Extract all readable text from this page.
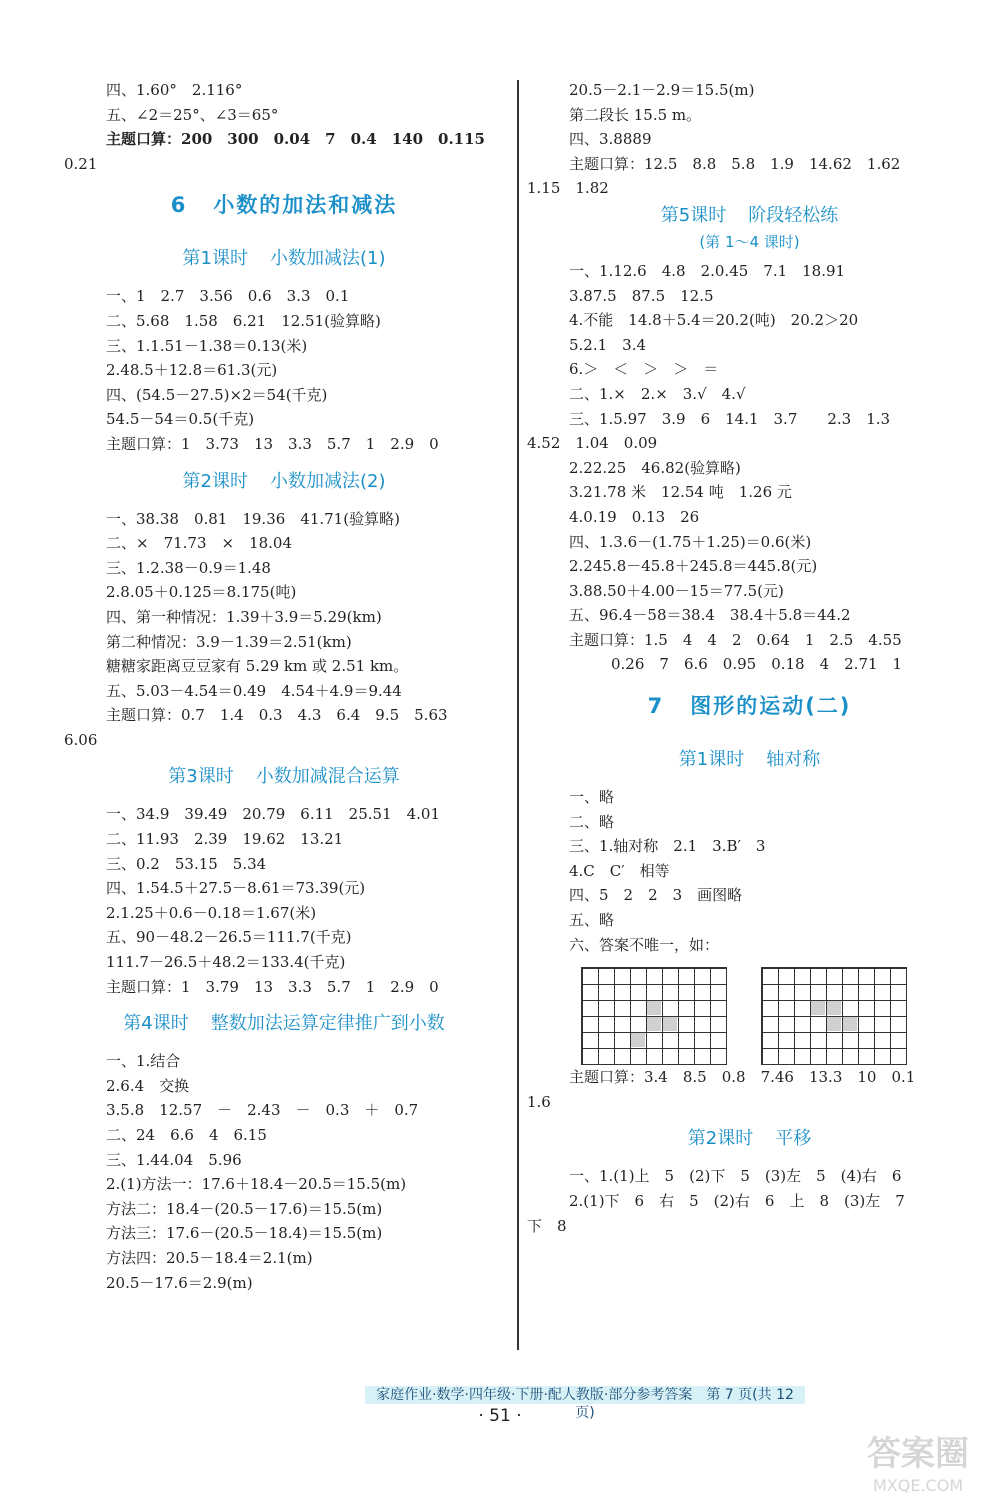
四、1.60°　2.116°
五、∠2＝25°、∠3＝65°
主题口算：200　300　0.04　7　0.4　140　0.115
0.21
6 小数的加法和减法
第1课时 小数加减法(1)
一、1　2.7　3.56　0.6　3.3　0.1
二、5.68　1.58　6.21　12.51(验算略)
三、1.1.51－1.38＝0.13(米)
2.48.5＋12.8＝61.3(元)
四、(54.5－27.5)×2＝54(千克)
54.5－54＝0.5(千克)
主题口算：1　3.73　13　3.3　5.7　1　2.9　0
第2课时 小数加减法(2)
一、38.38　0.81　19.36　41.71(验算略)
二、×　71.73　×　18.04
三、1.2.38－0.9＝1.48
2.8.05＋0.125＝8.175(吨)
四、第一种情况：1.39＋3.9＝5.29(km)
第二种情况：3.9－1.39＝2.51(km)
糖糖家距离豆豆家有 5.29 km 或 2.51 km。
五、5.03－4.54＝0.49　4.54＋4.9＝9.44
主题口算：0.7　1.4　0.3　4.3　6.4　9.5　5.63
6.06
第3课时 小数加减混合运算
一、34.9　39.49　20.79　6.11　25.51　4.01
二、11.93　2.39　19.62　13.21
三、0.2　53.15　5.34
四、1.54.5＋27.5－8.61＝73.39(元)
2.1.25＋0.6－0.18＝1.67(米)
五、90－48.2－26.5＝111.7(千克)
111.7－26.5＋48.2＝133.4(千克)
主题口算：1　3.79　13　3.3　5.7　1　2.9　0
第4课时 整数加法运算定律推广到小数
一、1.结合
2.6.4　交换
3.5.8　12.57　－　2.43　－　0.3　＋　0.7
二、24　6.6　4　6.15
三、1.44.04　5.96
2.(1)方法一：17.6＋18.4－20.5＝15.5(m)
方法二：18.4－(20.5－17.6)＝15.5(m)
方法三：17.6－(20.5－18.4)＝15.5(m)
方法四：20.5－18.4＝2.1(m)
20.5－17.6＝2.9(m)
20.5－2.1－2.9＝15.5(m)
第二段长 15.5 m。
四、3.8889
主题口算：12.5　8.8　5.8　1.9　14.62　1.62
1.15　1.82
第5课时 阶段轻松练
(第 1～4 课时)
一、1.12.6　4.8　2.0.45　7.1　18.91
3.87.5　87.5　12.5
4.不能　14.8＋5.4＝20.2(吨)　20.2＞20
5.2.1　3.4
6.＞　＜　＞　＞　＝
二、1.×　2.×　3.√　4.√
三、1.5.97　3.9　6　14.1　3.7　　2.3　1.3
4.52　1.04　0.09
2.22.25　46.82(验算略)
3.21.78 米　12.54 吨　1.26 元
4.0.19　0.13　26
四、1.3.6－(1.75＋1.25)＝0.6(米)
2.245.8－45.8＋245.8＝445.8(元)
3.88.50＋4.00－15＝77.5(元)
五、96.4－58＝38.4　38.4＋5.8＝44.2
主题口算：1.5　4　4　2　0.64　1　2.5　4.55
0.26　7　6.6　0.95　0.18　4　2.71　1
7 图形的运动(二)
第1课时 轴对称
一、略
二、略
三、1.轴对称　2.1　3.B′　3
4.C　C′　相等
四、5　2　2　3　画图略
五、略
六、答案不唯一，如：
主题口算：3.4　8.5　0.8　7.46　13.3　10　0.1
1.6
第2课时 平移
一、1.(1)上　5　(2)下　5　(3)左　5　(4)右　6
2.(1)下　6　右　5　(2)右　6　上　8　(3)左　7
下　8
家庭作业·数学·四年级·下册·配人教版·部分参考答案　第 7 页(共 12 页)
· 51 ·
答案圈
MXQE.COM
